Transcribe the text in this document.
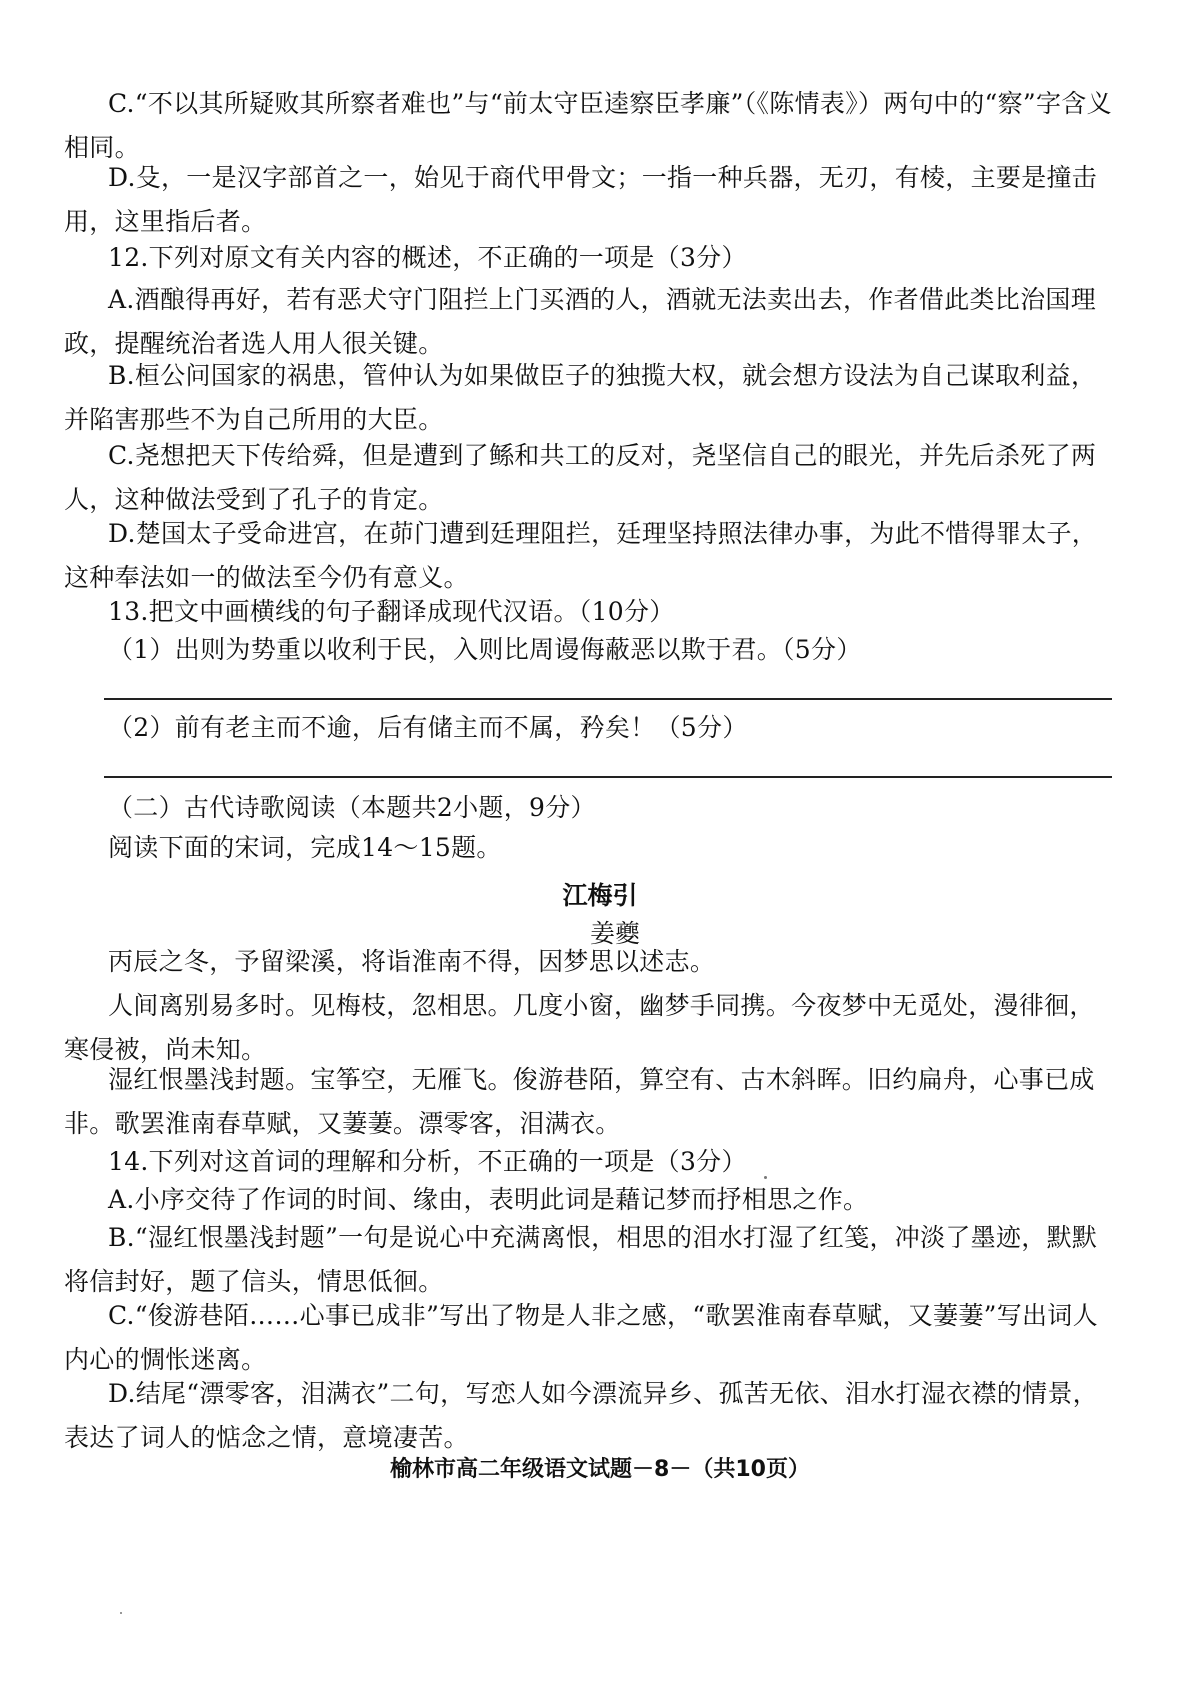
C.“不以其所疑败其所察者难也”与“前太守臣逵察臣孝廉”（《陈情表》）两句中的“察”字含义相同。
D.殳，一是汉字部首之一，始见于商代甲骨文；一指一种兵器，无刃，有棱，主要是撞击用，这里指后者。
12.下列对原文有关内容的概述，不正确的一项是（3分）
A.酒酿得再好，若有恶犬守门阻拦上门买酒的人，酒就无法卖出去，作者借此类比治国理政，提醒统治者选人用人很关键。
B.桓公问国家的祸患，管仲认为如果做臣子的独揽大权，就会想方设法为自己谋取利益，并陷害那些不为自己所用的大臣。
C.尧想把天下传给舜，但是遭到了鲧和共工的反对，尧坚信自己的眼光，并先后杀死了两人，这种做法受到了孔子的肯定。
D.楚国太子受命进宫，在茆门遭到廷理阻拦，廷理坚持照法律办事，为此不惜得罪太子，这种奉法如一的做法至今仍有意义。
13.把文中画横线的句子翻译成现代汉语。（10分）
（1）出则为势重以收利于民，入则比周谩侮蔽恶以欺于君。（5分）
（2）前有老主而不逾，后有储主而不属，矜矣！（5分）
（二）古代诗歌阅读（本题共2小题，9分）
阅读下面的宋词，完成14～15题。
江梅引
姜夔
丙辰之冬，予留梁溪，将诣淮南不得，因梦思以述志。
人间离别易多时。见梅枝，忽相思。几度小窗，幽梦手同携。今夜梦中无觅处，漫徘徊，寒侵被，尚未知。
湿红恨墨浅封题。宝筝空，无雁飞。俊游巷陌，算空有、古木斜晖。旧约扁舟，心事已成非。歌罢淮南春草赋，又萋萋。漂零客，泪满衣。
14.下列对这首词的理解和分析，不正确的一项是（3分）
A.小序交待了作词的时间、缘由，表明此词是藉记梦而抒相思之作。
B.“湿红恨墨浅封题”一句是说心中充满离恨，相思的泪水打湿了红笺，冲淡了墨迹，默默将信封好，题了信头，情思低徊。
C.“俊游巷陌……心事已成非”写出了物是人非之感，“歌罢淮南春草赋，又萋萋”写出词人内心的惆怅迷离。
D.结尾“漂零客，泪满衣”二句，写恋人如今漂流异乡、孤苦无依、泪水打湿衣襟的情景，表达了词人的惦念之情，意境凄苦。
榆林市高二年级语文试题－8－（共10页）
